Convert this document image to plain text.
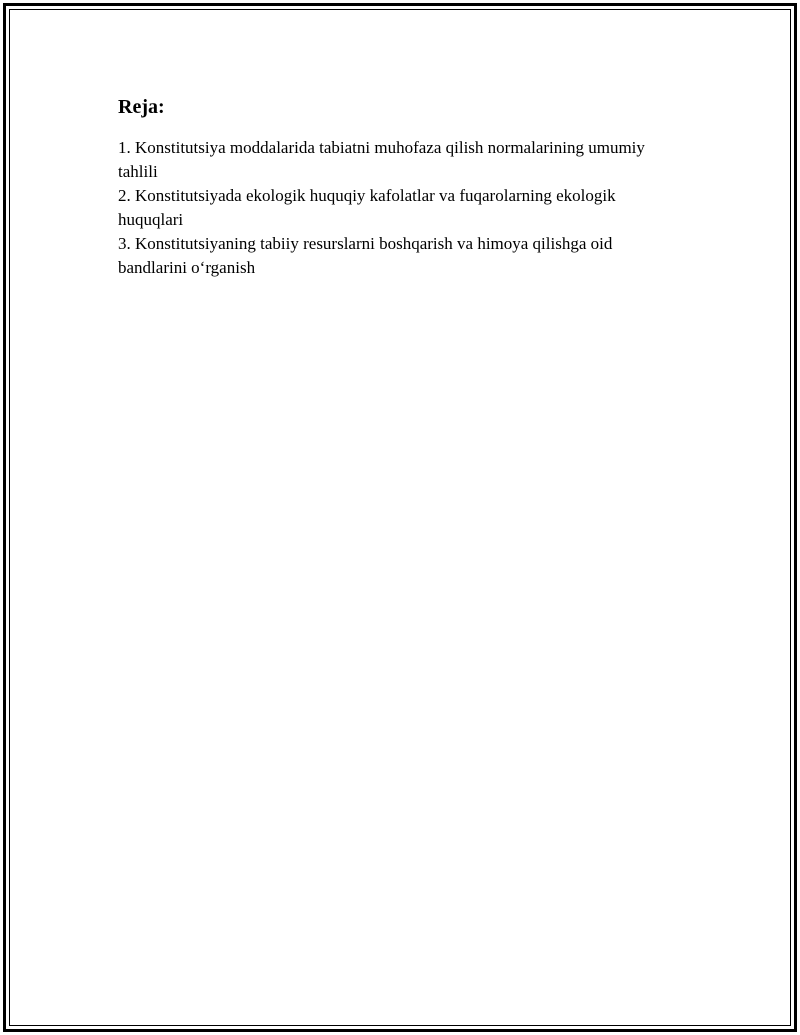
Reja:
1. Konstitutsiya moddalarida tabiatni muhofaza qilish normalarining umumiy tahlili
2. Konstitutsiyada ekologik huquqiy kafolatlar va fuqarolarning ekologik huquqlari
3. Konstitutsiyaning tabiiy resurslarni boshqarish va himoya qilishga oid bandlarini o‘rganish
